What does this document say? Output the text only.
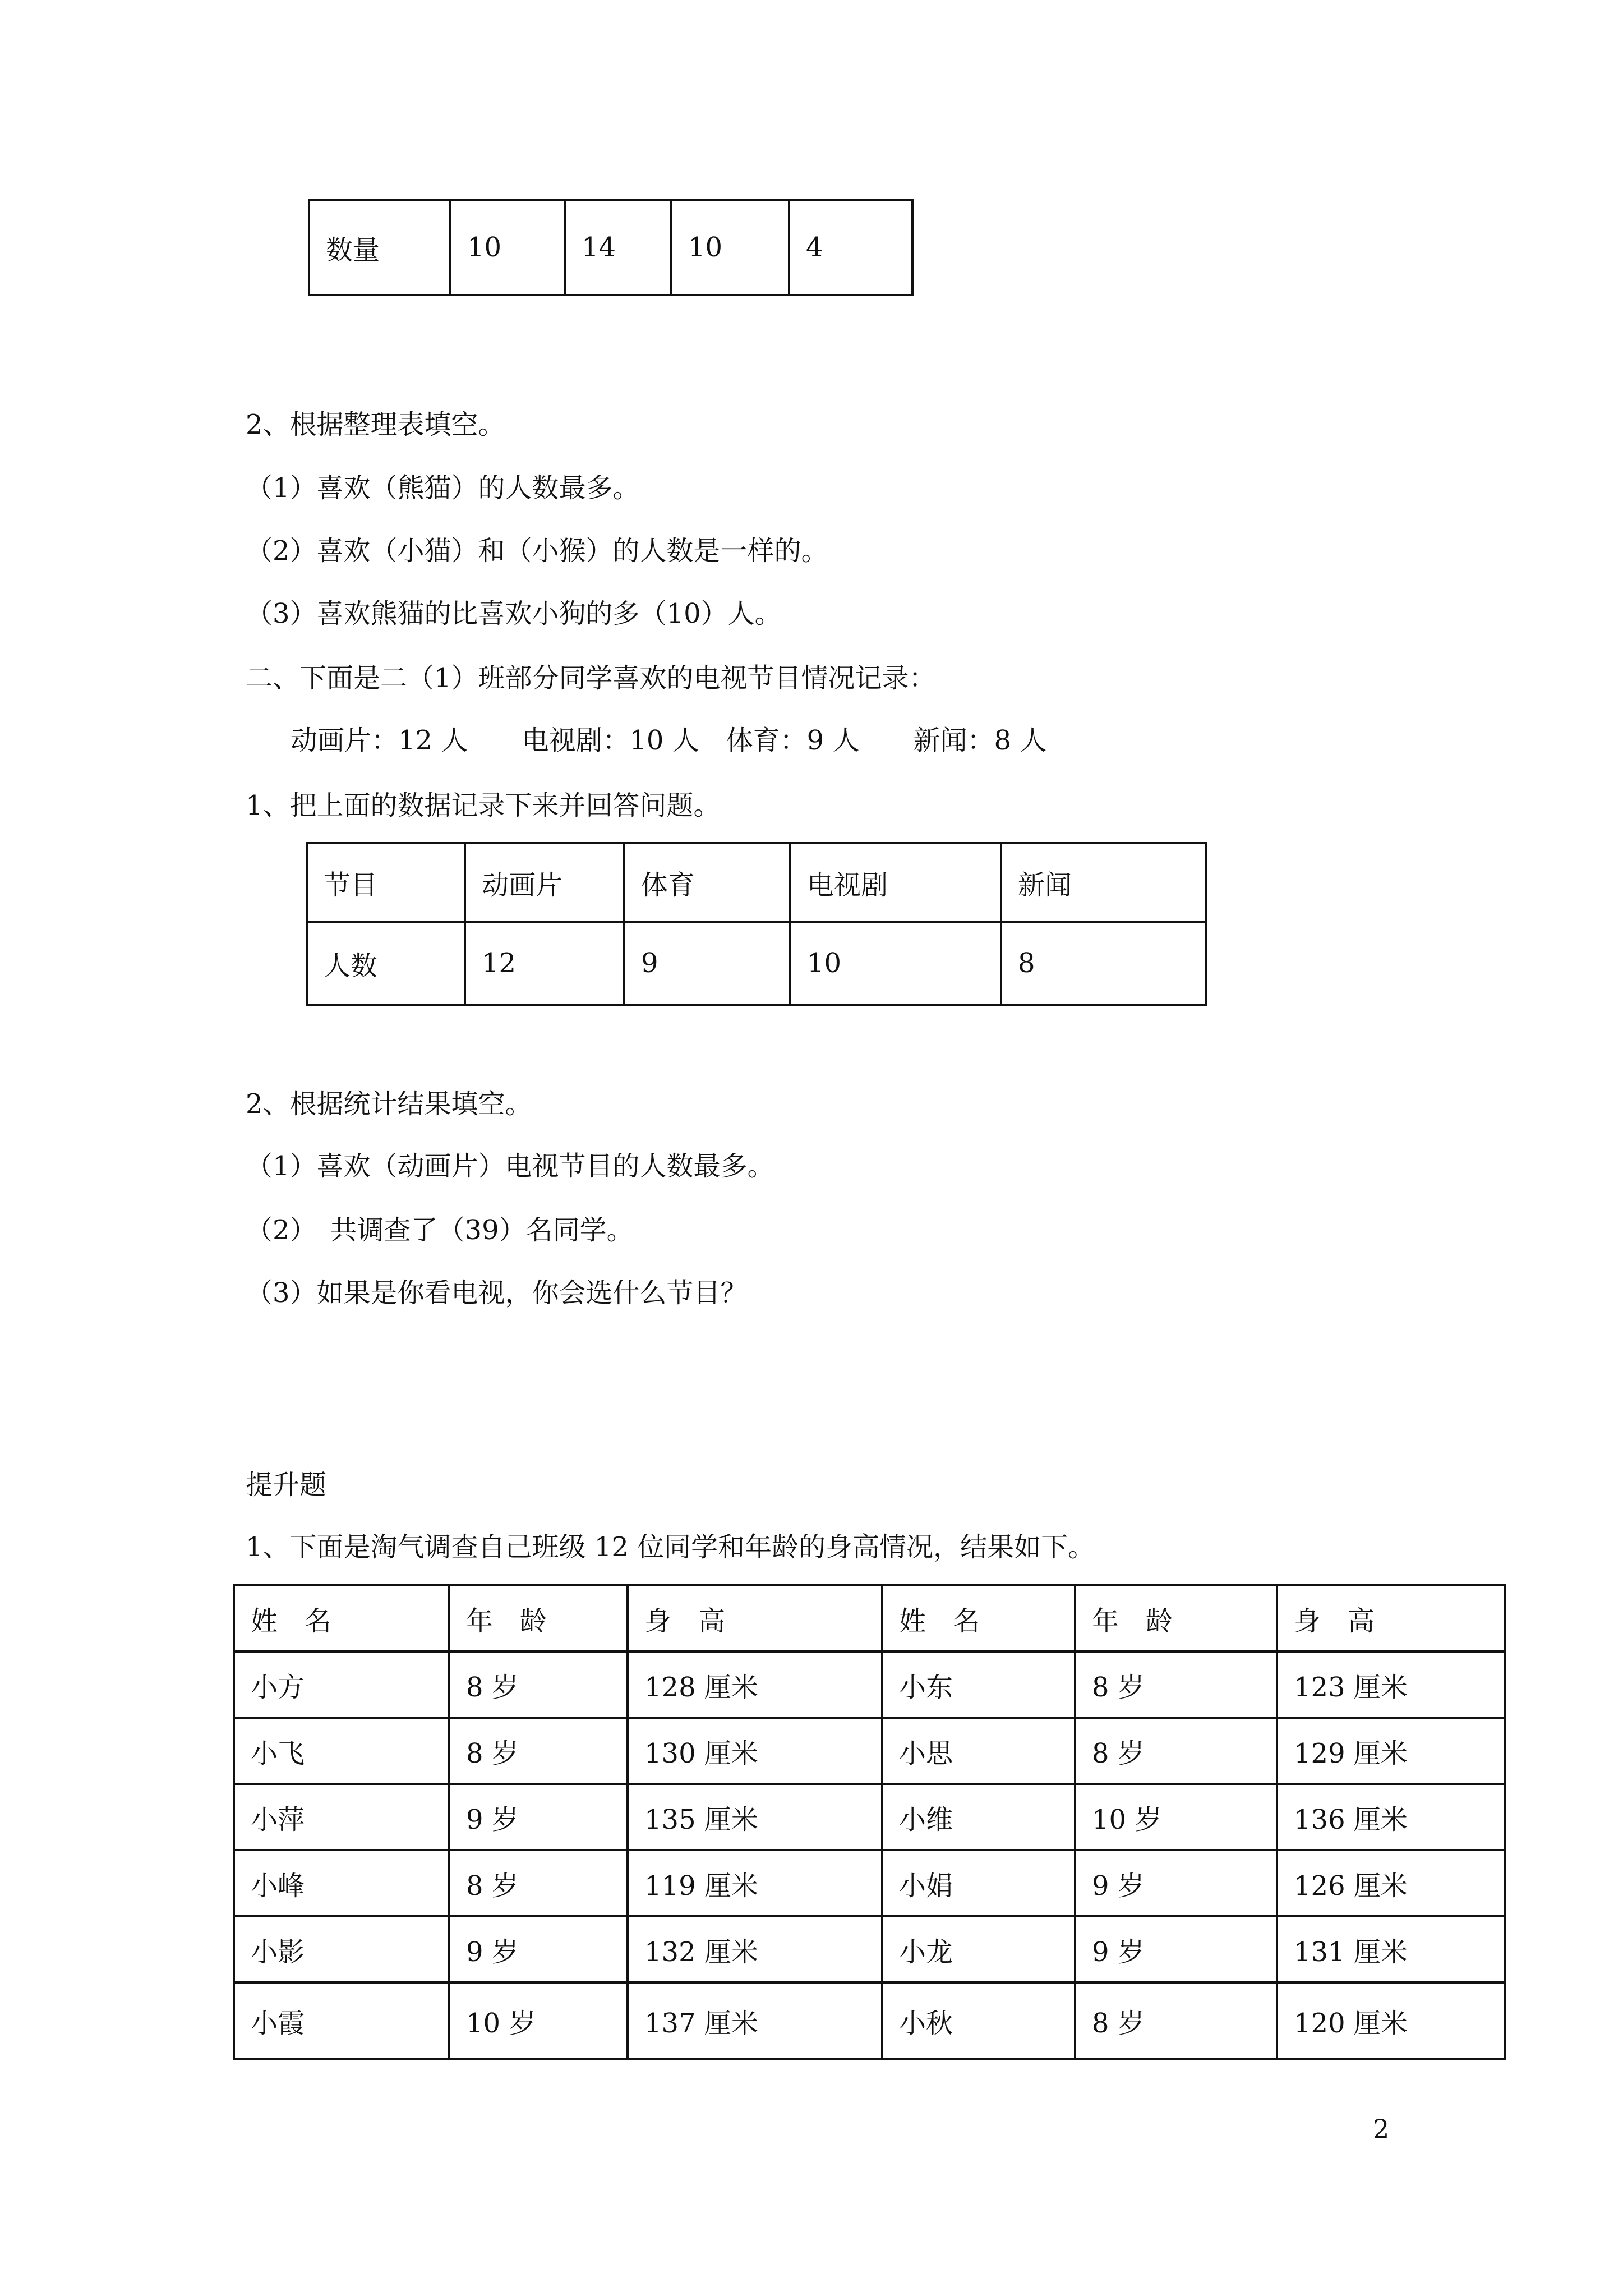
数量	10	14	10	4
2、根据整理表填空。
（1）喜欢（熊猫）的人数最多。
（2）喜欢（小猫）和（小猴）的人数是一样的。
（3）喜欢熊猫的比喜欢小狗的多（10）人。
二、下面是二（1）班部分同学喜欢的电视节目情况记录：
动画片：12 人　　电视剧：10 人　体育：9 人　　新闻：8 人
1、把上面的数据记录下来并回答问题。
节目	动画片	体育	电视剧	新闻
人数	12	9	10	8
2、根据统计结果填空。
（1）喜欢（动画片）电视节目的人数最多。
（2）　共调查了（39）名同学。
（3）如果是你看电视，你会选什么节目？
提升题
1、下面是淘气调查自己班级 12 位同学和年龄的身高情况，结果如下。
姓　名	年　龄	身　高	姓　名	年　龄	身　高
小方	8 岁	128 厘米	小东	8 岁	123 厘米
小飞	8 岁	130 厘米	小思	8 岁	129 厘米
小萍	9 岁	135 厘米	小维	10 岁	136 厘米
小峰	8 岁	119 厘米	小娟	9 岁	126 厘米
小影	9 岁	132 厘米	小龙	9 岁	131 厘米
小霞	10 岁	137 厘米	小秋	8 岁	120 厘米
2
